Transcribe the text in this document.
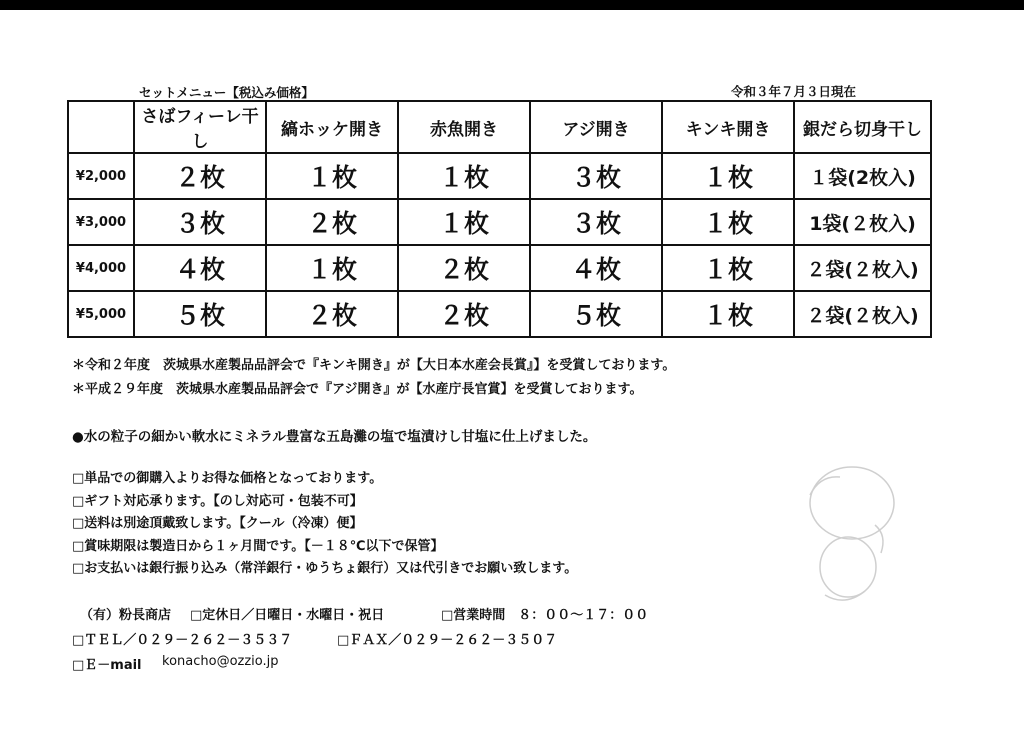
セットメニュー【税込み価格】	令和３年７月３日現在
	さばフィーレ干し	縞ホッケ開き	赤魚開き	アジ開き	キンキ開き	銀だら切身干し
¥2,000	２枚	１枚	１枚	３枚	１枚	１袋(2枚入)
¥3,000	３枚	２枚	１枚	３枚	１枚	1袋(２枚入)
¥4,000	４枚	１枚	２枚	４枚	１枚	２袋(２枚入)
¥5,000	５枚	２枚	２枚	５枚	１枚	２袋(２枚入)
＊令和２年度　茨城県水産製品品評会で『キンキ開き』が【大日本水産会長賞』】を受賞しております。
＊平成２９年度　茨城県水産製品品評会で『アジ開き』が【水産庁長官賞】を受賞しております。
●水の粒子の細かい軟水にミネラル豊富な五島灘の塩で塩漬けし甘塩に仕上げました。
□単品での御購入よりお得な価格となっております。
□ギフト対応承ります。【のし対応可・包装不可】
□送料は別途頂戴致します。【クール（冷凍）便】
□賞味期限は製造日から１ヶ月間です。【－１８℃以下で保管】
□お支払いは銀行振り込み（常洋銀行・ゆうちょ銀行）又は代引きでお願い致します。
（有）粉長商店 □定休日／日曜日・水曜日・祝日	□営業時間　８：００～１７：００
□ＴＥＬ／０２９－２６２－３５３７	□ＦＡＸ／０２９－２６２－３５０７
□Ｅ－mail konacho@ozzio.jp
